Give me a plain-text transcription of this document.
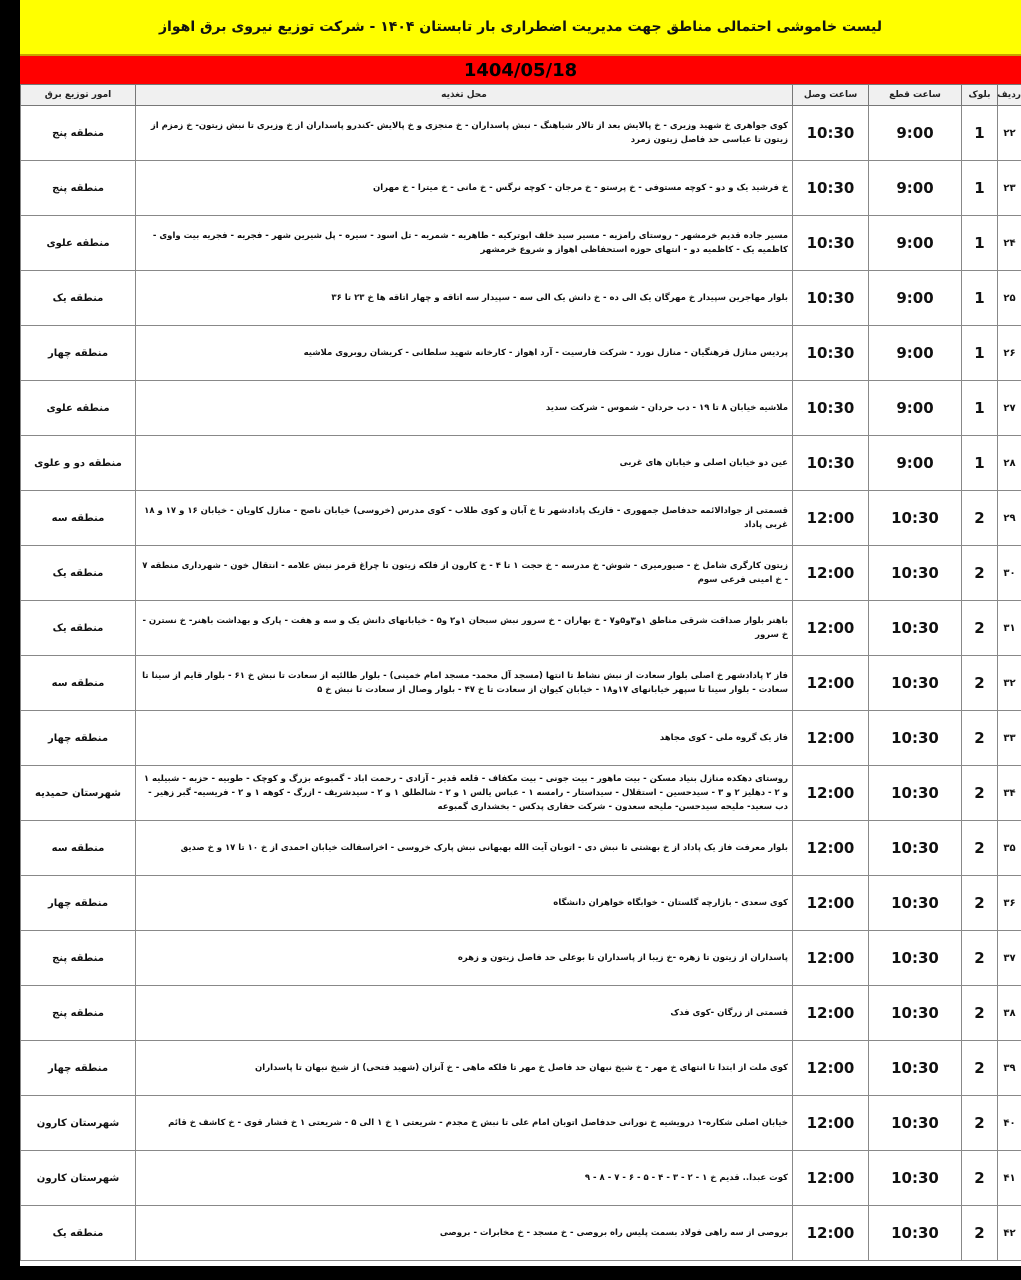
لیست خاموشی احتمالی مناطق جهت مدیریت اضطراری بار تابستان ۱۴۰۴ - شرکت توزیع نیروی برق اهواز
1404/05/18
ردیف	بلوک	ساعت قطع	ساعت وصل	محل تغذیه	امور توزیع برق
۲۲	1	9:00	10:30	کوی جواهری خ شهید وزیری - خ پالایش بعد از تالار شباهنگ - نبش پاسداران - خ منجزی و خ پالایش -کندرو پاسداران از خ وزیری تا نبش زیتون- خ زمزم از زیتون تا عباسی حد فاصل زیتون زمرد	منطقه پنج
۲۳	1	9:00	10:30	خ فرشید یک و دو - کوچه مستوفی - خ پرستو - خ مرجان - کوچه نرگس - خ مانی - خ میترا - خ مهران	منطقه پنج
۲۴	1	9:00	10:30	مسیر جاده قدیم خرمشهر - روستای رامزیه - مسیر سید خلف ابوترکیه - طاهریه - شمریه - تل اسود - سیره - پل شیرین شهر - فجریه - فجریه بیت واوی - کاظمیه یک - کاظمیه دو - انتهای حوزه استحفاظی اهواز و شروع خرمشهر	منطقه علوی
۲۵	1	9:00	10:30	بلوار مهاجرین سپیدار خ مهرگان یک الی ده - خ دانش یک الی سه - سپیدار سه اتاقه و چهار اتاقه ها خ ۲۳ تا ۳۶	منطقه یک
۲۶	1	9:00	10:30	پردیس منازل فرهنگیان - منازل نورد - شرکت فارسیت - آرد اهواز - کارخانه شهید سلطانی - کریشان روبروی ملاشیه	منطقه چهار
۲۷	1	9:00	10:30	ملاشیه خیابان ۸ تا ۱۹ - دب حردان - شموس - شرکت سدید	منطقه علوی
۲۸	1	9:00	10:30	عین دو خیابان اصلی و خیابان های غربی	منطقه دو و علوی
۲۹	2	10:30	12:00	قسمتی از جوادالائمه حدفاصل جمهوری - فازیک پادادشهر تا خ آبان و کوی طلاب - کوی مدرس (خروسی) خیابان ناصح - منازل کاویان - خیابان ۱۶ و ۱۷ و ۱۸ غربی پاداد	منطقه سه
۳۰	2	10:30	12:00	زیتون کارگری شامل خ - صیورمیری - شوش- خ مدرسه - خ حجت ۱ تا ۴ - خ کارون از فلکه زیتون تا چراغ قرمز نبش علامه - انتقال خون - شهرداری منطقه ۷ - خ امینی فرعی سوم	منطقه یک
۳۱	2	10:30	12:00	باهنر بلوار صداقت شرقی مناطق ۱و۳و۵و۷ - خ بهاران - خ سرور نبش سبحان ۱و۲ و۵ - خیابانهای دانش یک و سه و هفت - پارک و بهداشت باهنر- خ نسترن - خ سرور	منطقه یک
۳۲	2	10:30	12:00	فاز ۲ پادادشهر خ اصلی بلوار سعادت از نبش نشاط تا انتها (مسجد آل محمد- مسجد امام خمینی) - بلوار طالئیه از سعادت تا نبش خ ۶۱ - بلوار قایم از سینا تا سعادت - بلوار سینا تا سپهر خیابانهای ۱۷و۱۸ - خیابان کیوان از سعادت تا خ ۴۷ - بلوار وصال از سعادت تا نبش خ ۵	منطقه سه
۳۳	2	10:30	12:00	فاز یک گروه ملی - کوی مجاهد	منطقه چهار
۳۴	2	10:30	12:00	روستای دهکده منازل بنیاد مسکن - بیت ماهور - بیت جونی - بیت مکفاف - قلعه قدیر - آزادی - رحمت اباد - گمبوعه بزرگ و کوچک - طوبیه - حزبه - شبیلیه ۱ و ۲ - دهلیز ۲ و ۳ - سیدحسین - استقلال - سیداستار - رامسه ۱ - عباس یالس ۱ و ۲ - شالطلق ۱ و ۲ - سیدشریف - ازرگ - کوهه ۱ و ۲ - فریسیه- گبر زهیر - دب سعید- ملیحه سیدحسن- ملیحه سعدون - شرکت حفاری پدکس - بخشداری گمبوعه	شهرستان حمیدیه
۳۵	2	10:30	12:00	بلوار معرفت فاز یک پاداد از خ بهشتی تا نبش دی - اتوبان آیت الله بهبهانی نبش پارک خروسی - اخراسفالت خیابان احمدی از خ ۱۰ تا ۱۷ و خ صدیق	منطقه سه
۳۶	2	10:30	12:00	کوی سعدی - بازارچه گلستان - خوابگاه خواهران دانشگاه	منطقه چهار
۳۷	2	10:30	12:00	پاسداران از زیتون تا زهره -خ زیبا از پاسداران تا بوعلی حد فاصل زیتون و زهره	منطقه پنج
۳۸	2	10:30	12:00	قسمتی از زرگان -کوی فدک	منطقه پنج
۳۹	2	10:30	12:00	کوی ملت از ابتدا تا انتهای خ مهر - خ شیخ نبهان حد فاصل خ مهر تا فلکه ماهی - خ آنزان (شهید فتحی) از شیخ نبهان تا پاسداران	منطقه چهار
۴۰	2	10:30	12:00	خیابان اصلی شکاره-۱ درویشیه خ نورانی حدفاصل اتوبان امام علی تا نبش خ مجدم - شریعتی ۱ خ ۱ الی ۵ - شریعتی ۱ خ فشار قوی - خ کاشف خ قائم	شهرستان کارون
۴۱	2	10:30	12:00	کوت عبدا.. قدیم خ ۱ - ۲ - ۳ - ۴ - ۵ - ۶ - ۷ - ۸ - ۹	شهرستان کارون
۴۲	2	10:30	12:00	بروصی از سه راهی فولاد بسمت پلیس راه بروصی - خ مسجد - خ مخابرات - بروصی	منطقه یک
